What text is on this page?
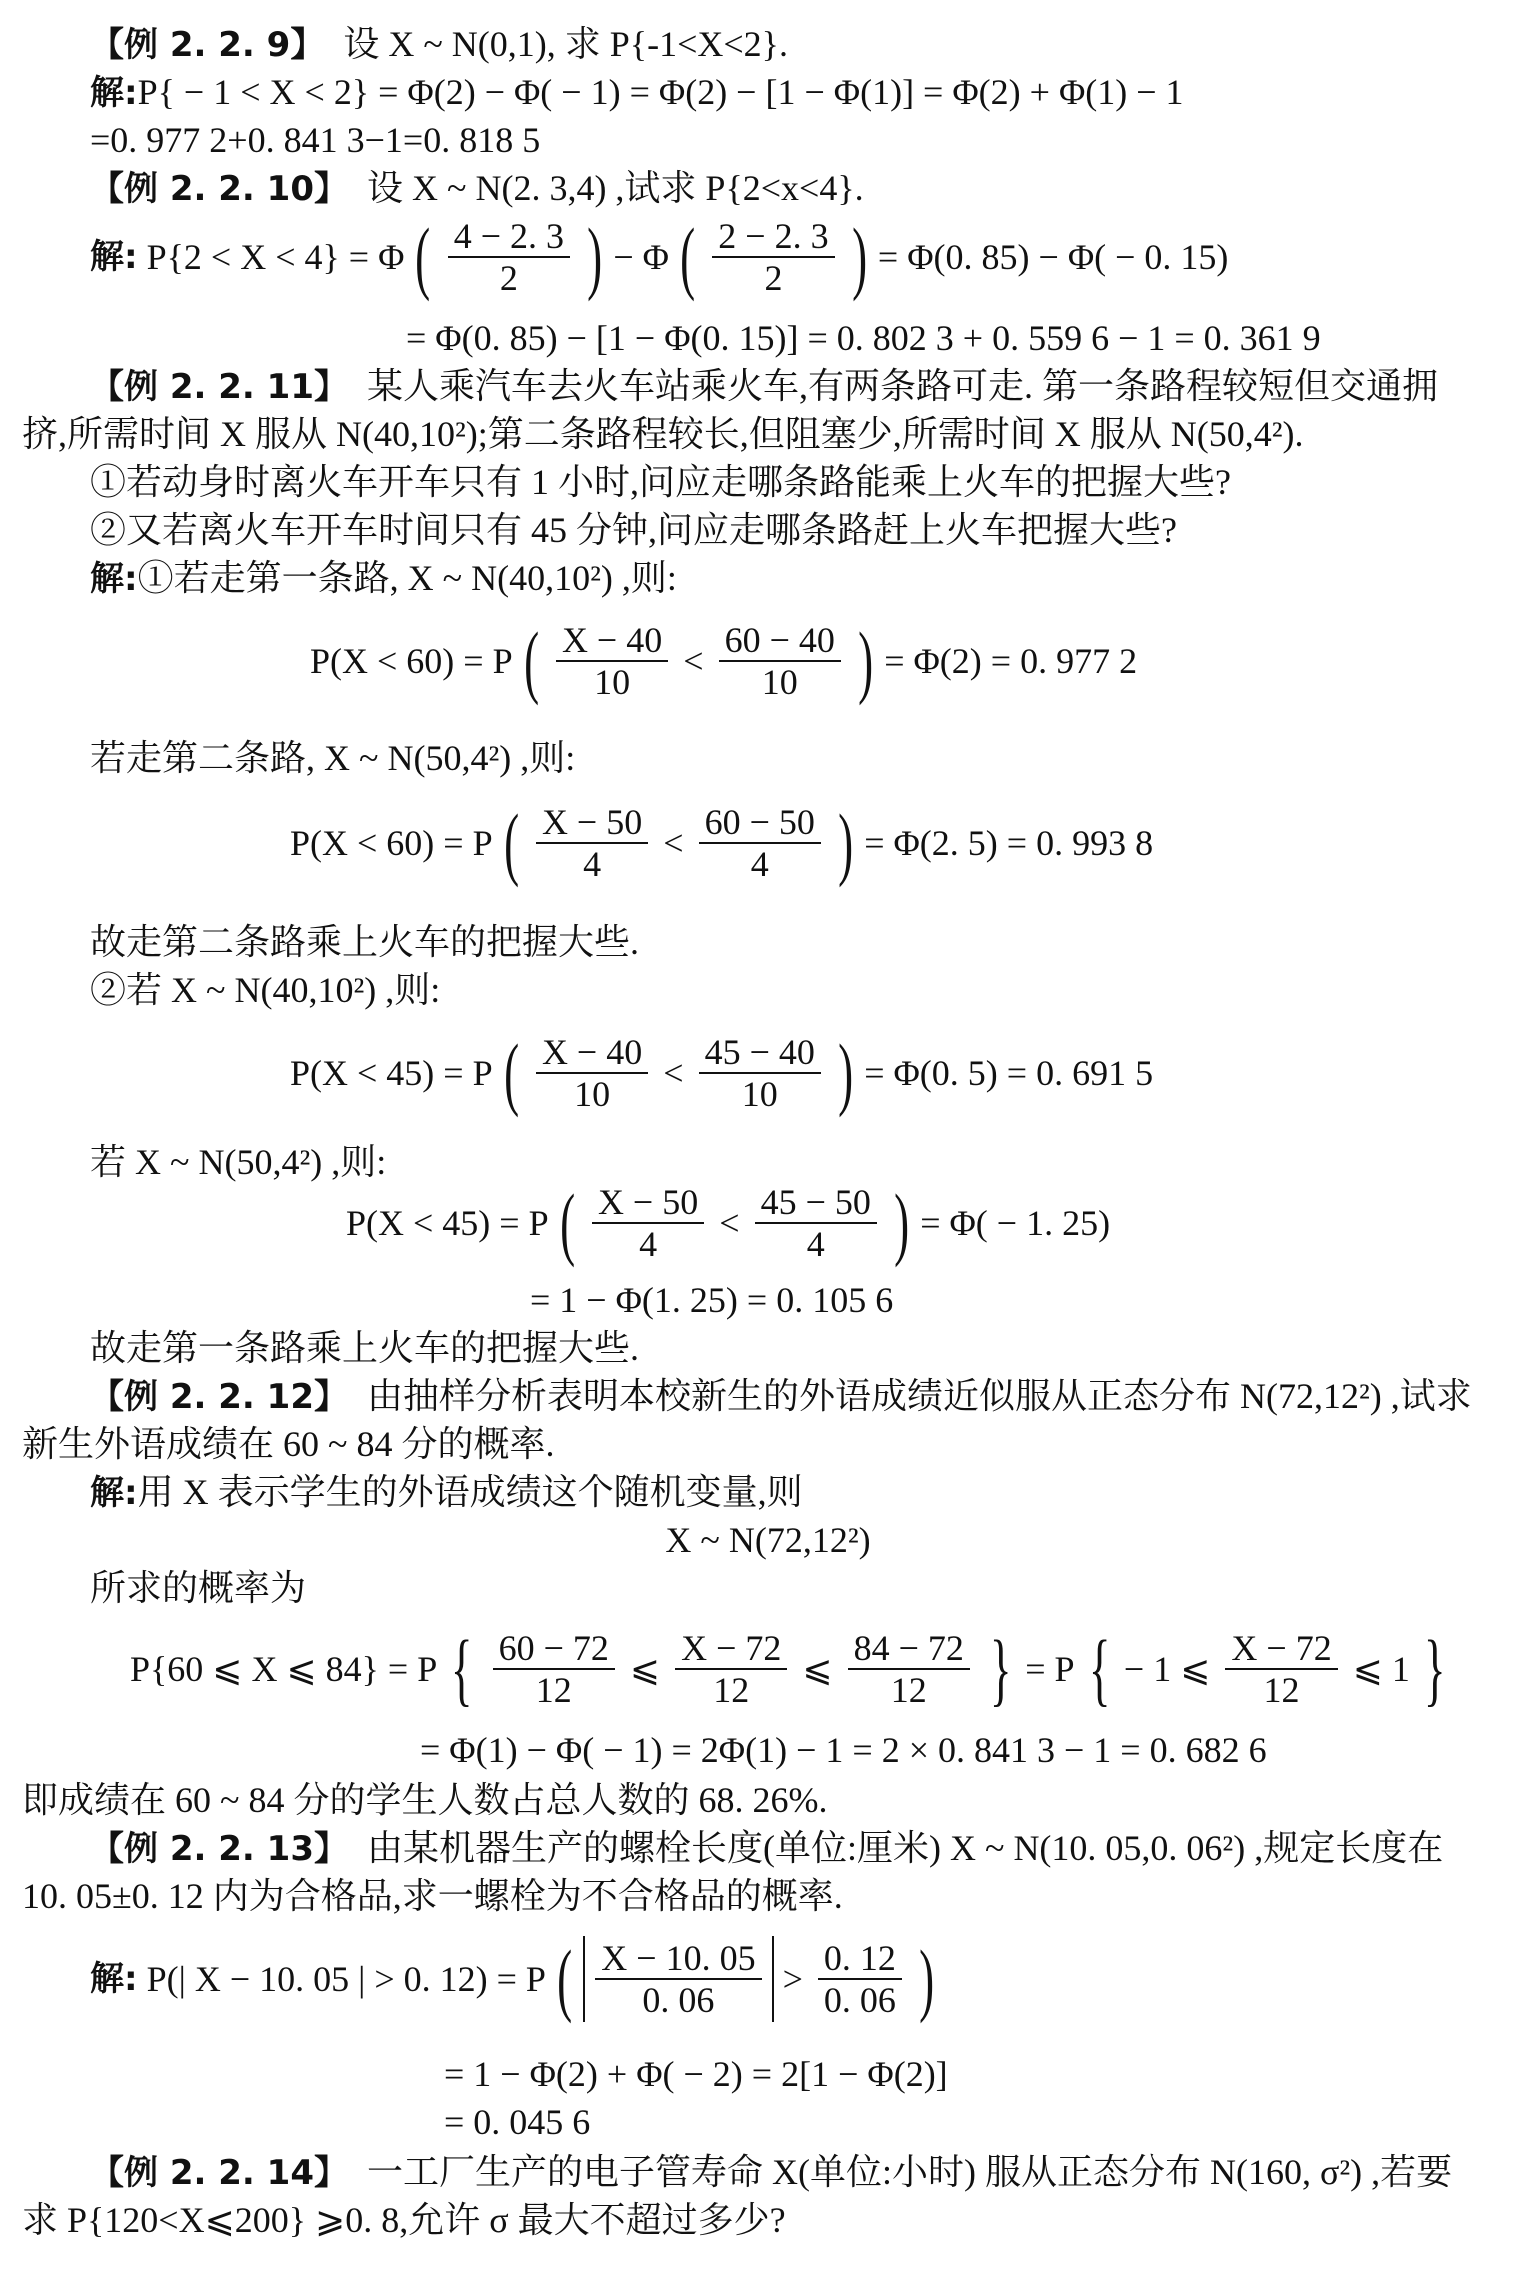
【例 2. 2. 9】 设 X ~ N(0,1), 求 P{-1<X<2}.
解:P{ − 1 < X < 2} = Φ(2) − Φ( − 1) = Φ(2) − [1 − Φ(1)] = Φ(2) + Φ(1) − 1
=0. 977 2+0. 841 3−1=0. 818 5
【例 2. 2. 10】 设 X ~ N(2. 3,4) ,试求 P{2<x<4}.
解: P{2 < X < 4} = Φ ( $\frac{4 - 2. 3}{2}$ ) − Φ ( $\frac{2 - 2. 3}{2}$ ) = Φ(0. 85) − Φ( − 0. 15)
= Φ(0. 85) − [1 − Φ(0. 15)] = 0. 802 3 + 0. 559 6 − 1 = 0. 361 9
【例 2. 2. 11】 某人乘汽车去火车站乘火车,有两条路可走. 第一条路程较短但交通拥
挤,所需时间 X 服从 N(40,10²);第二条路程较长,但阻塞少,所需时间 X 服从 N(50,4²).
①若动身时离火车开车只有 1 小时,问应走哪条路能乘上火车的把握大些?
②又若离火车开车时间只有 45 分钟,问应走哪条路赶上火车把握大些?
解:①若走第一条路, X ~ N(40,10²) ,则:
P(X < 60) = P ( $\frac{X - 40}{10} < \frac{60 - 40}{10}$ ) = Φ(2) = 0. 977 2
若走第二条路, X ~ N(50,4²) ,则:
P(X < 60) = P ( $\frac{X - 50}{4} < \frac{60 - 50}{4}$ ) = Φ(2. 5) = 0. 993 8
故走第二条路乘上火车的把握大些.
②若 X ~ N(40,10²) ,则:
P(X < 45) = P ( $\frac{X - 40}{10} < \frac{45 - 40}{10}$ ) = Φ(0. 5) = 0. 691 5
若 X ~ N(50,4²) ,则:
P(X < 45) = P ( $\frac{X - 50}{4} < \frac{45 - 50}{4}$ ) = Φ( − 1. 25)
= 1 − Φ(1. 25) = 0. 105 6
故走第一条路乘上火车的把握大些.
【例 2. 2. 12】 由抽样分析表明本校新生的外语成绩近似服从正态分布 N(72,12²) ,试求
新生外语成绩在 60 ~ 84 分的概率.
解:用 X 表示学生的外语成绩这个随机变量,则
X ~ N(72,12²)
所求的概率为
P{60 ⩽ X ⩽ 84} = P { $\frac{60 - 72}{12}$ ⩽ $\frac{X - 72}{12}$ ⩽ $\frac{84 - 72}{12}$ } = P { − 1 ⩽ $\frac{X - 72}{12}$ ⩽ 1 }
= Φ(1) − Φ( − 1) = 2Φ(1) − 1 = 2 × 0. 841 3 − 1 = 0. 682 6
即成绩在 60 ~ 84 分的学生人数占总人数的 68. 26%.
【例 2. 2. 13】 由某机器生产的螺栓长度(单位:厘米) X ~ N(10. 05,0. 06²) ,规定长度在
10. 05±0. 12 内为合格品,求一螺栓为不合格品的概率.
解: P(| X − 10. 05 | > 0. 12) = P ( $\frac{X - 10. 05}{0. 06} > \frac{0. 12}{0. 06}$ )
= 1 − Φ(2) + Φ( − 2) = 2[1 − Φ(2)]
= 0. 045 6
【例 2. 2. 14】 一工厂生产的电子管寿命 X(单位:小时) 服从正态分布 N(160, σ²) ,若要
求 P{120<X⩽200} ⩾0. 8,允许 σ 最大不超过多少?
